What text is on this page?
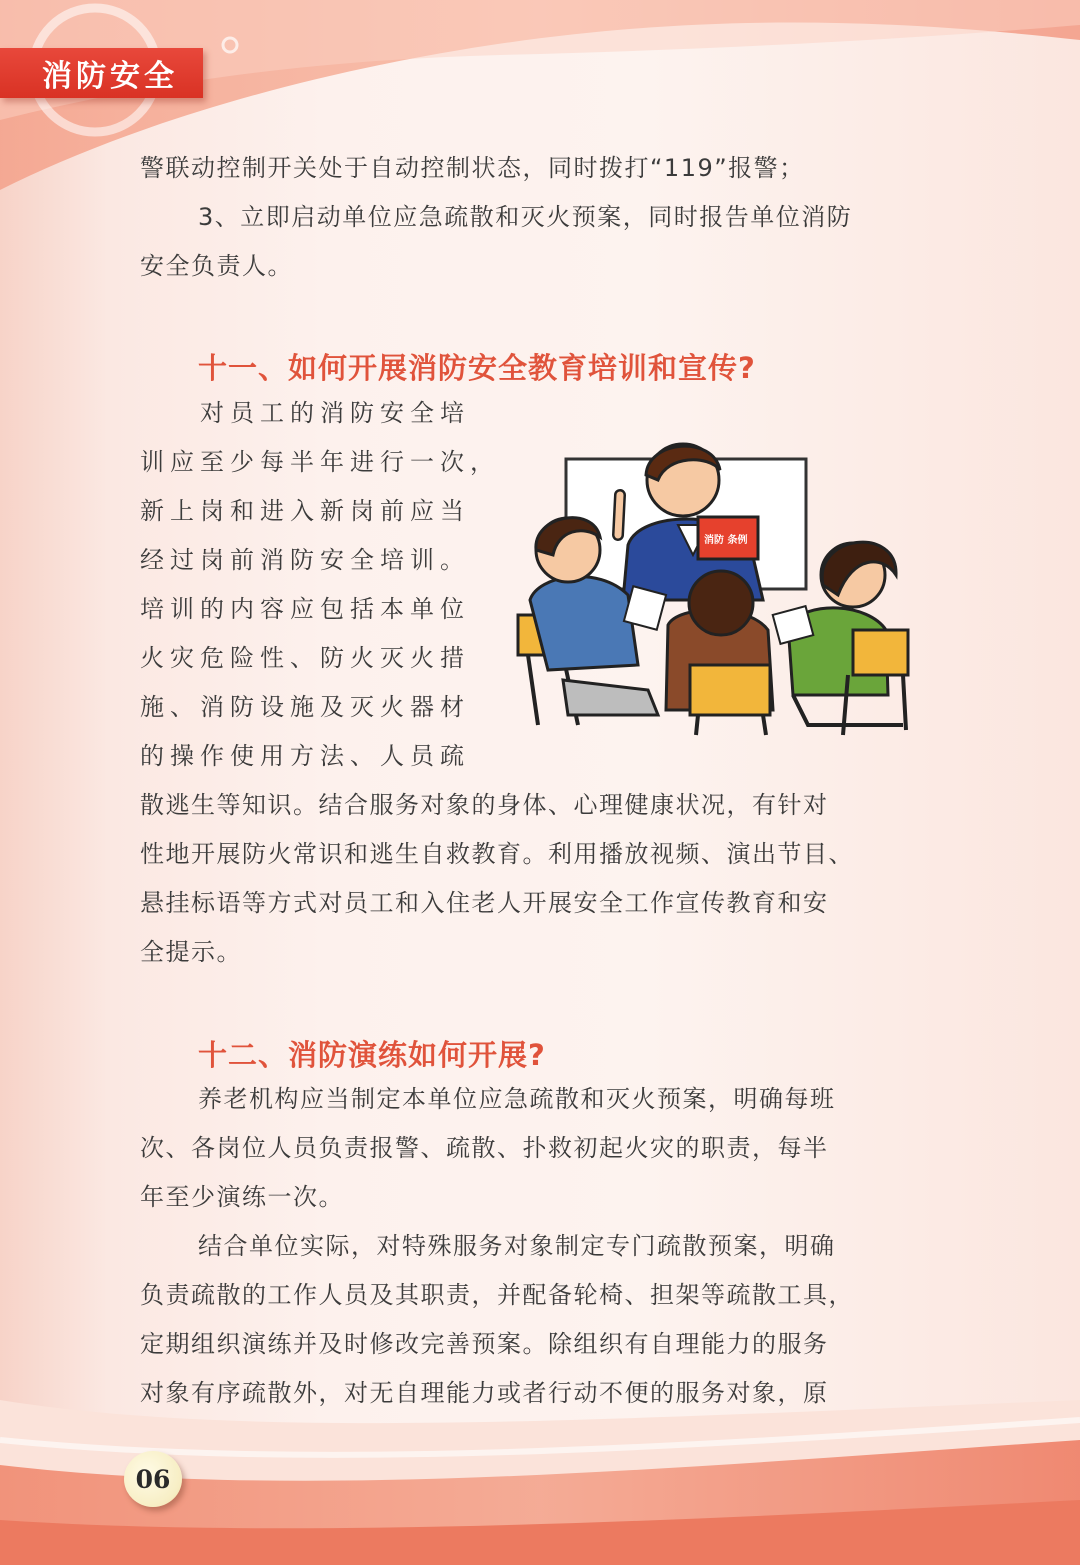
消防安全

警联动控制开关处于自动控制状态，同时拨打“119”报警；

3、立即启动单位应急疏散和灭火预案，同时报告单位消防

安全负责人。

十一、如何开展消防安全教育培训和宣传?

　对员工的消防安全培

训应至少每半年进行一次，

新上岗和进入新岗前应当

经过岗前消防安全培训。

培训的内容应包括本单位

火灾危险性、防火灭火措

施、消防设施及灭火器材

的操作使用方法、人员疏

消防 条例

散逃生等知识。结合服务对象的身体、心理健康状况，有针对

性地开展防火常识和逃生自救教育。利用播放视频、演出节目、

悬挂标语等方式对员工和入住老人开展安全工作宣传教育和安

全提示。

十二、消防演练如何开展?

养老机构应当制定本单位应急疏散和灭火预案，明确每班

次、各岗位人员负责报警、疏散、扑救初起火灾的职责，每半

年至少演练一次。

结合单位实际，对特殊服务对象制定专门疏散预案，明确

负责疏散的工作人员及其职责，并配备轮椅、担架等疏散工具，

定期组织演练并及时修改完善预案。除组织有自理能力的服务

对象有序疏散外，对无自理能力或者行动不便的服务对象，原

06
